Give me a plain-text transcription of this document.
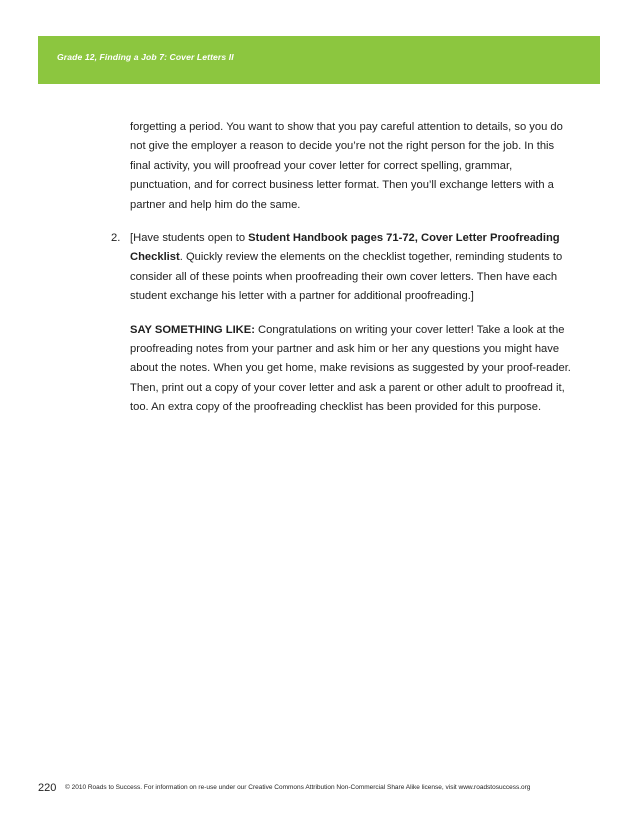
Grade 12, Finding a Job 7: Cover Letters II

forgetting a period. You want to show that you pay careful attention to details, so you do not give the employer a reason to decide you’re not the right person for the job. In this final activity, you will proofread your cover letter for correct spelling, grammar, punctuation, and for correct business letter format. Then you’ll exchange letters with a partner and help him do the same.

2. [Have students open to Student Handbook pages 71-72, Cover Letter Proofreading Checklist. Quickly review the elements on the checklist together, reminding students to consider all of these points when proofreading their own cover letters. Then have each student exchange his letter with a partner for additional proofreading.]

SAY SOMETHING LIKE: Congratulations on writing your cover letter! Take a look at the proofreading notes from your partner and ask him or her any questions you might have about the notes. When you get home, make revisions as suggested by your proof-reader. Then, print out a copy of your cover letter and ask a parent or other adult to proofread it, too. An extra copy of the proofreading checklist has been provided for this purpose.

220 © 2010 Roads to Success. For information on re-use under our Creative Commons Attribution Non-Commercial Share Alike license, visit www.roadstosuccess.org
